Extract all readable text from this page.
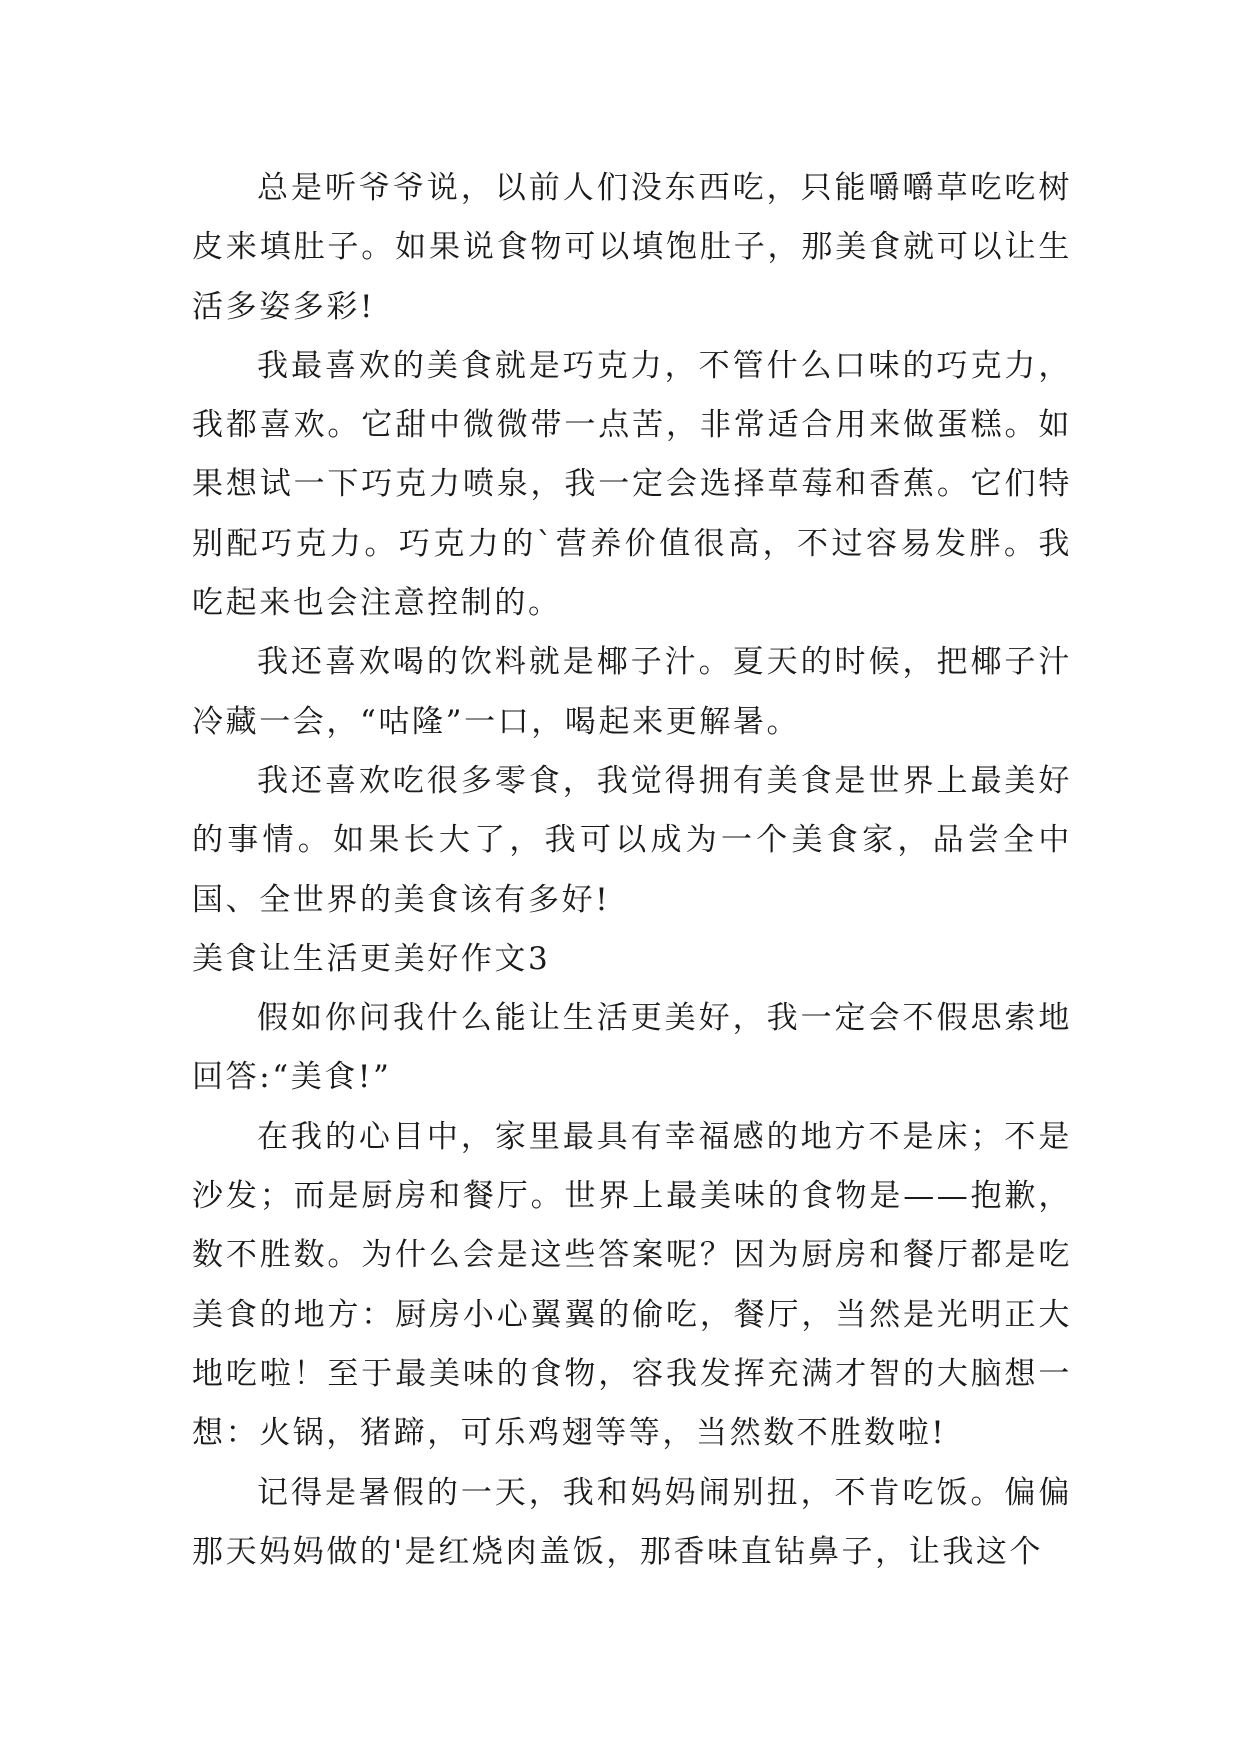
总是听爷爷说，以前人们没东西吃，只能嚼嚼草吃吃树皮来填肚子。如果说食物可以填饱肚子，那美食就可以让生活多姿多彩!

我最喜欢的美食就是巧克力，不管什么口味的巧克力，我都喜欢。它甜中微微带一点苦，非常适合用来做蛋糕。如果想试一下巧克力喷泉，我一定会选择草莓和香蕉。它们特别配巧克力。巧克力的`营养价值很高，不过容易发胖。我吃起来也会注意控制的。

我还喜欢喝的饮料就是椰子汁。夏天的时候，把椰子汁冷藏一会，“咕隆”一口，喝起来更解暑。

我还喜欢吃很多零食，我觉得拥有美食是世界上最美好的事情。如果长大了，我可以成为一个美食家，品尝全中国、全世界的美食该有多好!

美食让生活更美好作文3

假如你问我什么能让生活更美好，我一定会不假思索地回答:“美食!”

在我的心目中，家里最具有幸福感的地方不是床；不是沙发；而是厨房和餐厅。世界上最美味的食物是——抱歉，数不胜数。为什么会是这些答案呢？因为厨房和餐厅都是吃美食的地方：厨房小心翼翼的偷吃，餐厅，当然是光明正大地吃啦！至于最美味的食物，容我发挥充满才智的大脑想一想：火锅，猪蹄，可乐鸡翅等等，当然数不胜数啦!

记得是暑假的一天，我和妈妈闹别扭，不肯吃饭。偏偏那天妈妈做的'是红烧肉盖饭，那香味直钻鼻子，让我这个
